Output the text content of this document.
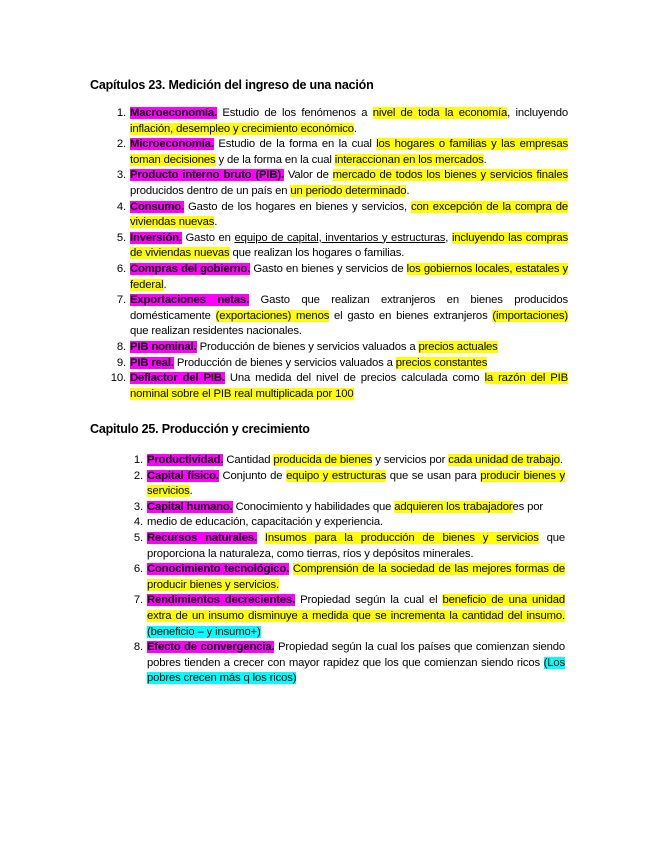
Capítulos 23. Medición del ingreso de una nación
1. Macroeconomía. Estudio de los fenómenos a nivel de toda la economía, incluyendo inflación, desempleo y crecimiento económico.
2. Microeconomía. Estudio de la forma en la cual los hogares o familias y las empresas toman decisiones y de la forma en la cual interaccionan en los mercados.
3. Producto interno bruto (PIB). Valor de mercado de todos los bienes y servicios finales producidos dentro de un país en un periodo determinado.
4. Consumo. Gasto de los hogares en bienes y servicios, con excepción de la compra de viviendas nuevas.
5. Inversión. Gasto en equipo de capital, inventarios y estructuras, incluyendo las compras de viviendas nuevas que realizan los hogares o familias.
6. Compras del gobierno. Gasto en bienes y servicios de los gobiernos locales, estatales y federal.
7. Exportaciones netas. Gasto que realizan extranjeros en bienes producidos domésticamente (exportaciones) menos el gasto en bienes extranjeros (importaciones) que realizan residentes nacionales.
8. PIB nominal. Producción de bienes y servicios valuados a precios actuales
9. PIB real. Producción de bienes y servicios valuados a precios constantes
10. Deflactor del PIB. Una medida del nivel de precios calculada como la razón del PIB nominal sobre el PIB real multiplicada por 100
Capitulo 25. Producción y crecimiento
1. Productividad. Cantidad producida de bienes y servicios por cada unidad de trabajo.
2. Capital físico. Conjunto de equipo y estructuras que se usan para producir bienes y servicios.
3. Capital humano. Conocimiento y habilidades que adquieren los trabajadores por
4. medio de educación, capacitación y experiencia.
5. Recursos naturales. Insumos para la producción de bienes y servicios que proporciona la naturaleza, como tierras, ríos y depósitos minerales.
6. Conocimiento tecnológico. Comprensión de la sociedad de las mejores formas de producir bienes y servicios.
7. Rendimientos decrecientes. Propiedad según la cual el beneficio de una unidad extra de un insumo disminuye a medida que se incrementa la cantidad del insumo. (beneficio – y insumo+)
8. Efecto de convergencia. Propiedad según la cual los países que comienzan siendo pobres tienden a crecer con mayor rapidez que los que comienzan siendo ricos (Los pobres crecen más q los ricos)
